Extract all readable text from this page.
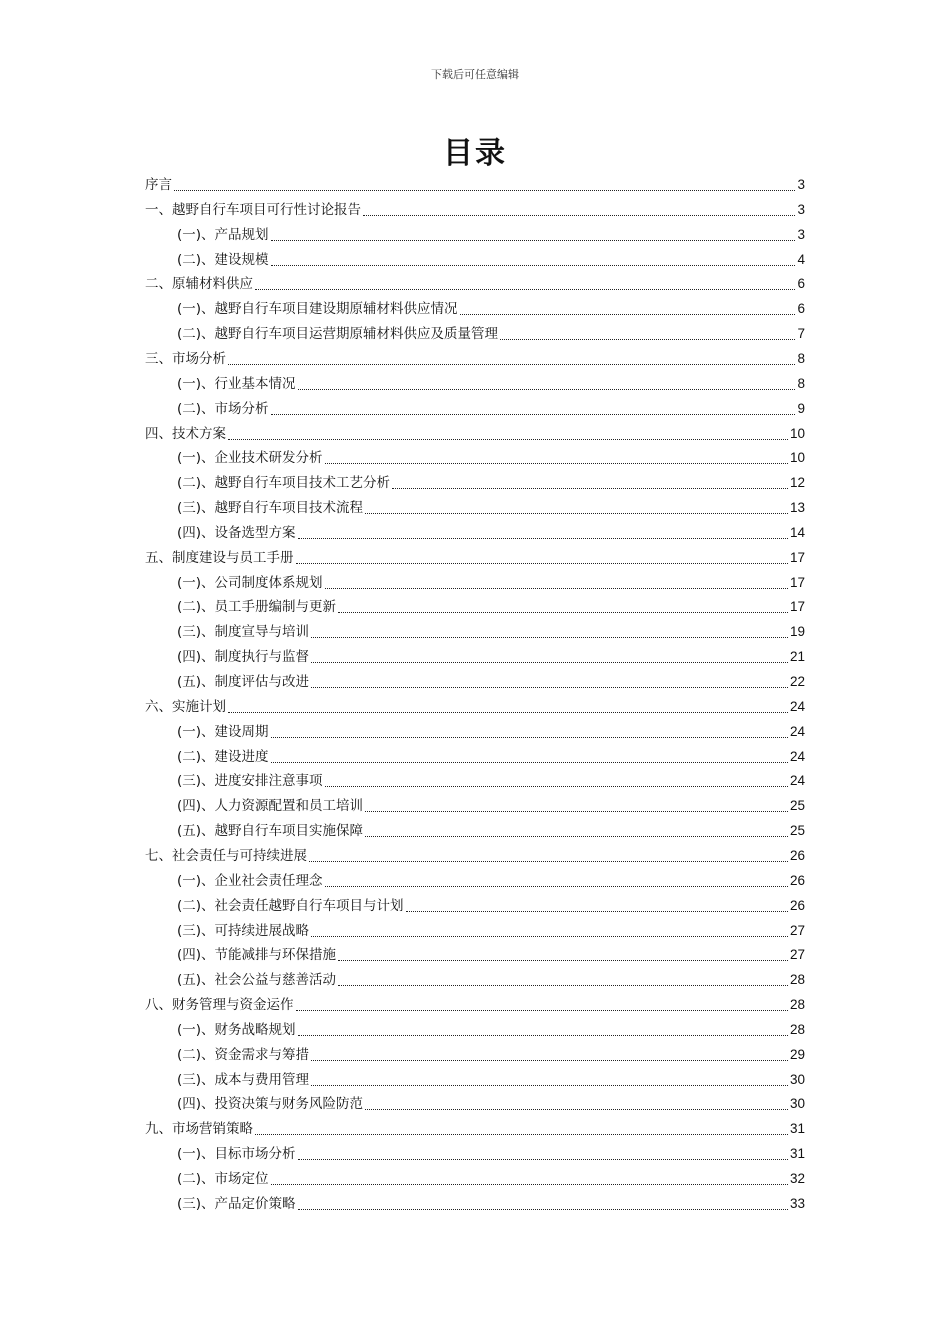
下载后可任意编辑
目录
序言	3
一、越野自行车项目可行性讨论报告	3
(一)、产品规划	3
(二)、建设规模	4
二、原辅材料供应	6
(一)、越野自行车项目建设期原辅材料供应情况	6
(二)、越野自行车项目运营期原辅材料供应及质量管理	7
三、市场分析	8
(一)、行业基本情况	8
(二)、市场分析	9
四、技术方案	10
(一)、企业技术研发分析	10
(二)、越野自行车项目技术工艺分析	12
(三)、越野自行车项目技术流程	13
(四)、设备选型方案	14
五、制度建设与员工手册	17
(一)、公司制度体系规划	17
(二)、员工手册编制与更新	17
(三)、制度宣导与培训	19
(四)、制度执行与监督	21
(五)、制度评估与改进	22
六、实施计划	24
(一)、建设周期	24
(二)、建设进度	24
(三)、进度安排注意事项	24
(四)、人力资源配置和员工培训	25
(五)、越野自行车项目实施保障	25
七、社会责任与可持续进展	26
(一)、企业社会责任理念	26
(二)、社会责任越野自行车项目与计划	26
(三)、可持续进展战略	27
(四)、节能减排与环保措施	27
(五)、社会公益与慈善活动	28
八、财务管理与资金运作	28
(一)、财务战略规划	28
(二)、资金需求与筹措	29
(三)、成本与费用管理	30
(四)、投资决策与财务风险防范	30
九、市场营销策略	31
(一)、目标市场分析	31
(二)、市场定位	32
(三)、产品定价策略	33
